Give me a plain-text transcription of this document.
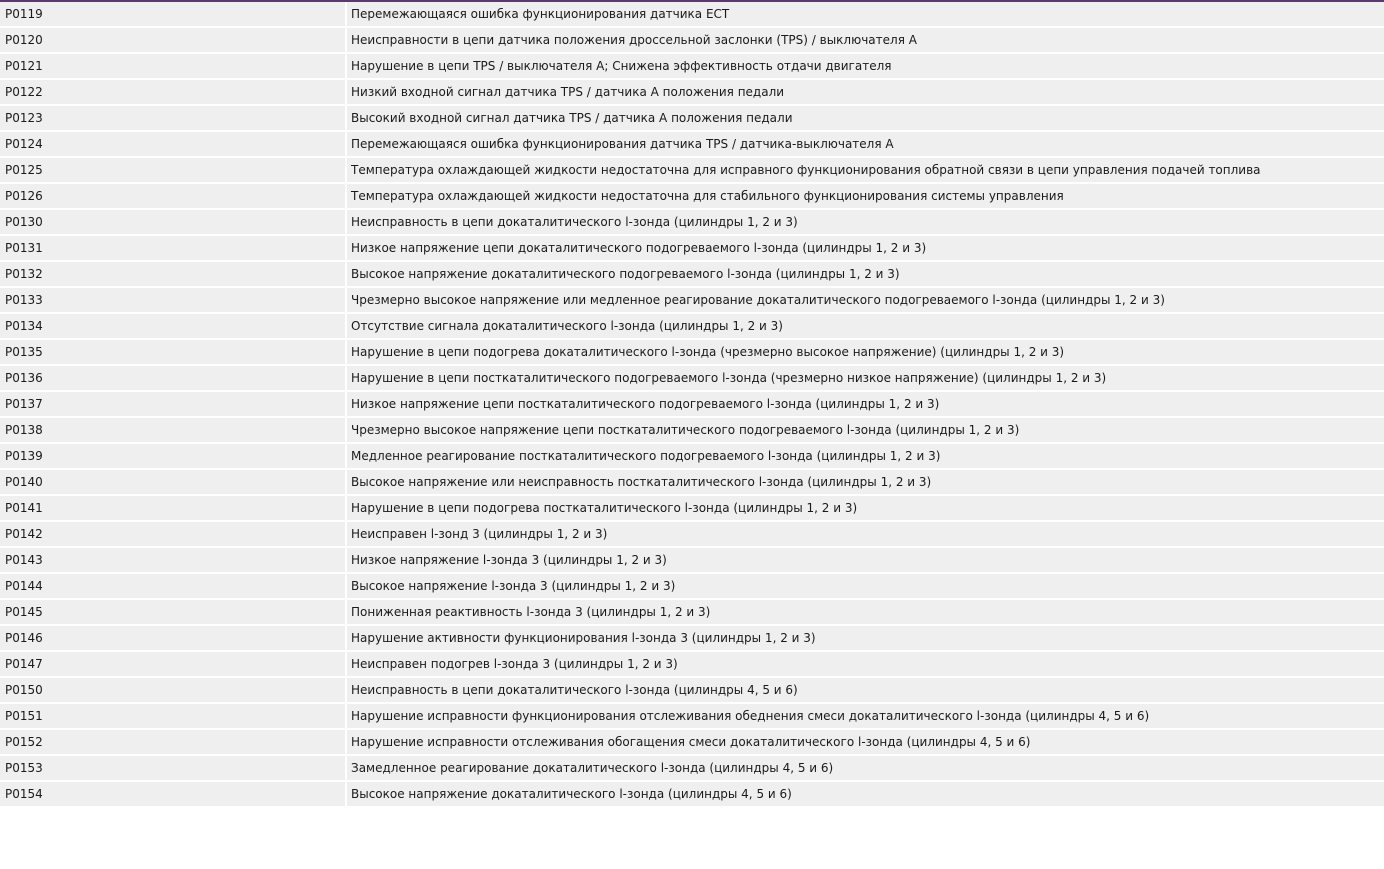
P0119	Перемежающаяся ошибка функционирования датчика ЕСТ
P0120	Неисправности в цепи датчика положения дроссельной заслонки (TPS) / выключателя А
P0121	Нарушение в цепи TPS / выключателя А; Снижена эффективность отдачи двигателя
P0122	Низкий входной сигнал датчика TPS / датчика А положения педали
P0123	Высокий входной сигнал датчика TPS / датчика А положения педали
P0124	Перемежающаяся ошибка функционирования датчика TPS / датчика-выключателя А
P0125	Температура охлаждающей жидкости недостаточна для исправного функционирования обратной связи в цепи управления подачей топлива
P0126	Температура охлаждающей жидкости недостаточна для стабильного функционирования системы управления
P0130	Неисправность в цепи докаталитического l-зонда (цилиндры 1, 2 и 3)
P0131	Низкое напряжение цепи докаталитического подогреваемого l-зонда (цилиндры 1, 2 и 3)
P0132	Высокое напряжение докаталитического подогреваемого l-зонда (цилиндры 1, 2 и 3)
P0133	Чрезмерно высокое напряжение или медленное реагирование докаталитического подогреваемого l-зонда (цилиндры 1, 2 и 3)
P0134	Отсутствие сигнала докаталитического l-зонда (цилиндры 1, 2 и 3)
P0135	Нарушение в цепи подогрева докаталитического l-зонда (чрезмерно высокое напряжение) (цилиндры 1, 2 и 3)
P0136	Нарушение в цепи посткаталитического подогреваемого l-зонда (чрезмерно низкое напряжение) (цилиндры 1, 2 и 3)
P0137	Низкое напряжение цепи посткаталитического подогреваемого l-зонда (цилиндры 1, 2 и 3)
P0138	Чрезмерно высокое напряжение цепи посткаталитического подогреваемого l-зонда (цилиндры 1, 2 и 3)
P0139	Медленное реагирование посткаталитического подогреваемого l-зонда (цилиндры 1, 2 и 3)
P0140	Высокое напряжение или неисправность посткаталитического l-зонда (цилиндры 1, 2 и 3)
P0141	Нарушение в цепи подогрева посткаталитического l-зонда (цилиндры 1, 2 и 3)
P0142	Неисправен l-зонд 3 (цилиндры 1, 2 и 3)
P0143	Низкое напряжение l-зонда 3 (цилиндры 1, 2 и 3)
P0144	Высокое напряжение l-зонда 3 (цилиндры 1, 2 и 3)
P0145	Пониженная реактивность l-зонда 3 (цилиндры 1, 2 и 3)
P0146	Нарушение активности функционирования l-зонда 3 (цилиндры 1, 2 и 3)
P0147	Неисправен подогрев l-зонда 3 (цилиндры 1, 2 и 3)
P0150	Неисправность в цепи докаталитического l-зонда (цилиндры 4, 5 и 6)
P0151	Нарушение исправности функционирования отслеживания обеднения смеси докаталитического l-зонда (цилиндры 4, 5 и 6)
P0152	Нарушение исправности отслеживания обогащения смеси докаталитического l-зонда (цилиндры 4, 5 и 6)
P0153	Замедленное реагирование докаталитического l-зонда (цилиндры 4, 5 и 6)
P0154	Высокое напряжение докаталитического l-зонда (цилиндры 4, 5 и 6)
